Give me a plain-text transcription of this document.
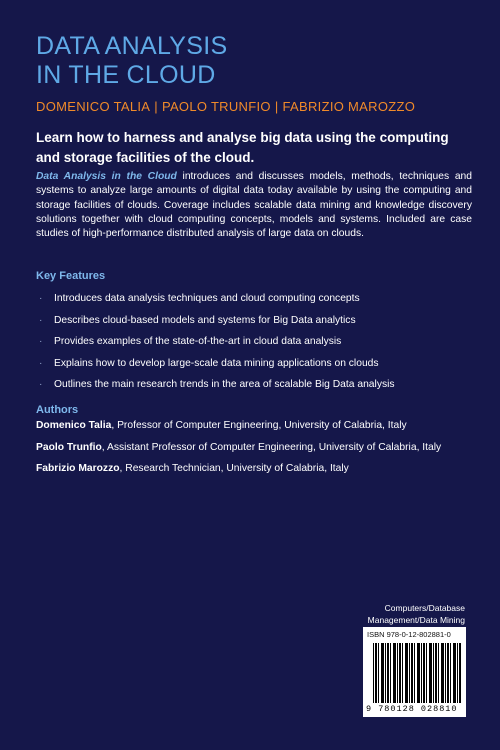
DATA ANALYSIS
IN THE CLOUD
DOMENICO TALIA | PAOLO TRUNFIO | FABRIZIO MAROZZO
Learn how to harness and analyse big data using the computing and storage facilities of the cloud.
Data Analysis in the Cloud introduces and discusses models, methods, techniques and systems to analyze large amounts of digital data today available by using the computing and storage facilities of clouds. Coverage includes scalable data mining and knowledge discovery solutions together with cloud computing concepts, models and systems. Included are case studies of high-performance distributed analysis of large data on clouds.
Key Features
· Introduces data analysis techniques and cloud computing concepts
· Describes cloud-based models and systems for Big Data analytics
· Provides examples of the state-of-the-art in cloud data analysis
· Explains how to develop large-scale data mining applications on clouds
· Outlines the main research trends in the area of scalable Big Data analysis
Authors
Domenico Talia, Professor of Computer Engineering, University of Calabria, Italy
Paolo Trunfio, Assistant Professor of Computer Engineering, University of Calabria, Italy
Fabrizio Marozzo, Research Technician, University of Calabria, Italy
Computers/Database
Management/Data Mining
ISBN 978-0-12-802881-0
9 780128 028810
